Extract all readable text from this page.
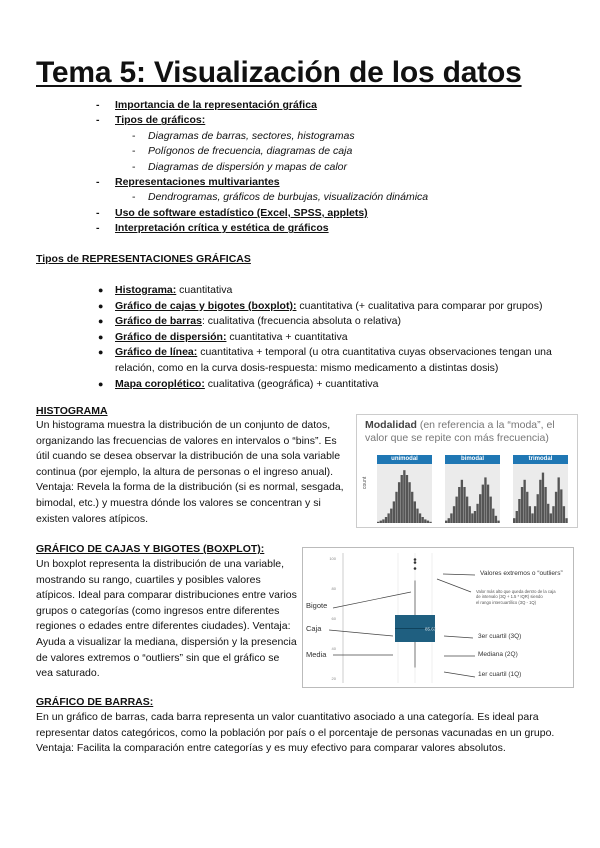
Tema 5: Visualización de los datos
-	Importancia de la representación gráfica
-	Tipos de gráficos:
-	Diagramas de barras, sectores, histogramas
-	Polígonos de frecuencia, diagramas de caja
-	Diagramas de dispersión y mapas de calor
-	Representaciones multivariantes
-	Dendrogramas, gráficos de burbujas, visualización dinámica
-	Uso de software estadístico (Excel, SPSS, applets)
-	Interpretación crítica y estética de gráficos
Tipos de REPRESENTACIONES GRÁFICAS
●	Histograma: cuantitativa
●	Gráfico de cajas y bigotes (boxplot): cuantitativa (+ cualitativa para comparar por grupos)
●	Gráfico de barras: cualitativa (frecuencia absoluta o relativa)
●	Gráfico de dispersión: cuantitativa + cuantitativa
●	Gráfico de línea: cuantitativa + temporal (u otra cuantitativa cuyas observaciones tengan una relación, como en la curva dosis-respuesta: mismo medicamento a distintas dosis)
●	Mapa coroplético: cualitativa (geográfica) + cuantitativa
HISTOGRAMA
Un histograma muestra la distribución de un conjunto de datos, organizando las frecuencias de valores en intervalos o “bins”. Es útil cuando se desea observar la distribución de una sola variable continua (por ejemplo, la altura de personas o el ingreso anual). Ventaja: Revela la forma de la distribución (si es normal, sesgada, bimodal, etc.) y muestra dónde los valores se concentran y si existen valores atípicos.
Modalidad (en referencia a la “moda”, el valor que se repite con más frecuencia)
count
unimodal	bimodal	trimodal
GRÁFICO DE CAJAS Y BIGOTES (BOXPLOT):
Un boxplot representa la distribución de una variable, mostrando su rango, cuartiles y posibles valores atípicos. Ideal para comparar distribuciones entre varios grupos o categorías (como ingresos entre diferentes regiones o edades entre diferentes ciudades). Ventaja: Ayuda a visualizar la mediana, dispersión y la presencia de valores extremos o “outliers” sin que el gráfico se vea saturado.
100
80
60
40
20
85.63
Bigote
Caja
Media
Valores extremos o “outliers”
Valor más alto que queda dentro de la caja
de intervalo (3Q + 1.5 * IQR) siendo
el rango intercuartílico (3Q - 1Q)
3er cuartil (3Q)
Mediana (2Q)
1er cuartil (1Q)
GRÁFICO DE BARRAS:
En un gráfico de barras, cada barra representa un valor cuantitativo asociado a una categoría. Es ideal para representar datos categóricos, como la población por país o el porcentaje de personas vacunadas en un grupo. Ventaja: Facilita la comparación entre categorías y es muy efectivo para comparar valores absolutos.
